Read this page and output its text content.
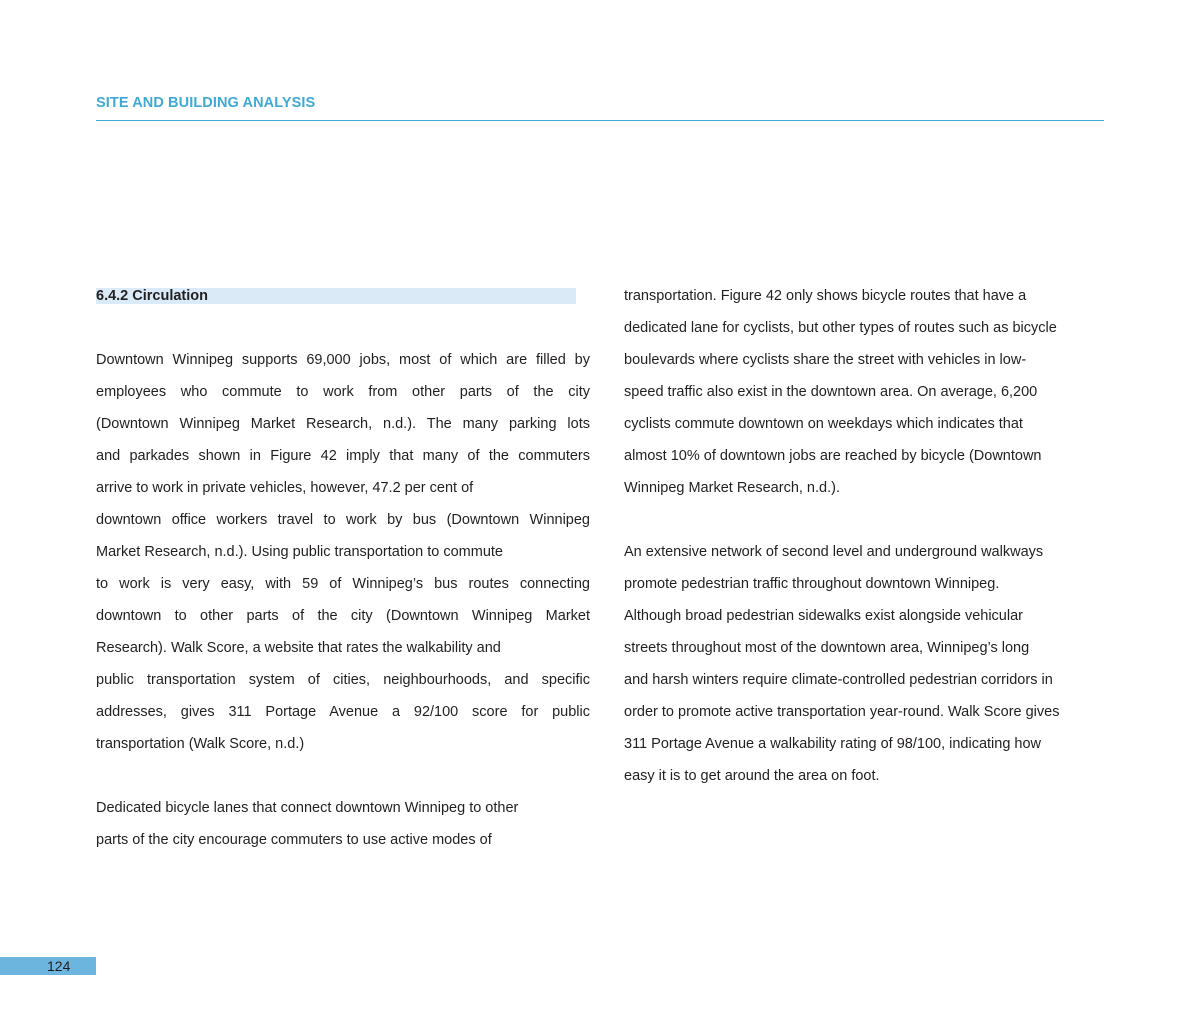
SITE AND BUILDING ANALYSIS
6.4.2 Circulation

Downtown Winnipeg supports 69,000 jobs, most of which are filled by
employees who commute to work from other parts of the city
(Downtown Winnipeg Market Research, n.d.). The many parking lots
and parkades shown in Figure 42 imply that many of the commuters
arrive to work in private vehicles, however, 47.2 per cent of
downtown office workers travel to work by bus (Downtown Winnipeg
Market Research, n.d.). Using public transportation to commute
to work is very easy, with 59 of Winnipeg’s bus routes connecting
downtown to other parts of the city (Downtown Winnipeg Market
Research). Walk Score, a website that rates the walkability and
public transportation system of cities, neighbourhoods, and specific
addresses, gives 311 Portage Avenue a 92/100 score for public
transportation (Walk Score, n.d.)

Dedicated bicycle lanes that connect downtown Winnipeg to other
parts of the city encourage commuters to use active modes of

transportation. Figure 42 only shows bicycle routes that have a
dedicated lane for cyclists, but other types of routes such as bicycle
boulevards where cyclists share the street with vehicles in low-
speed traffic also exist in the downtown area. On average, 6,200
cyclists commute downtown on weekdays which indicates that
almost 10% of downtown jobs are reached by bicycle (Downtown
Winnipeg Market Research, n.d.).

An extensive network of second level and underground walkways
promote pedestrian traffic throughout downtown Winnipeg.
Although broad pedestrian sidewalks exist alongside vehicular
streets throughout most of the downtown area, Winnipeg’s long
and harsh winters require climate-controlled pedestrian corridors in
order to promote active transportation year-round. Walk Score gives
311 Portage Avenue a walkability rating of 98/100, indicating how
easy it is to get around the area on foot.

124
